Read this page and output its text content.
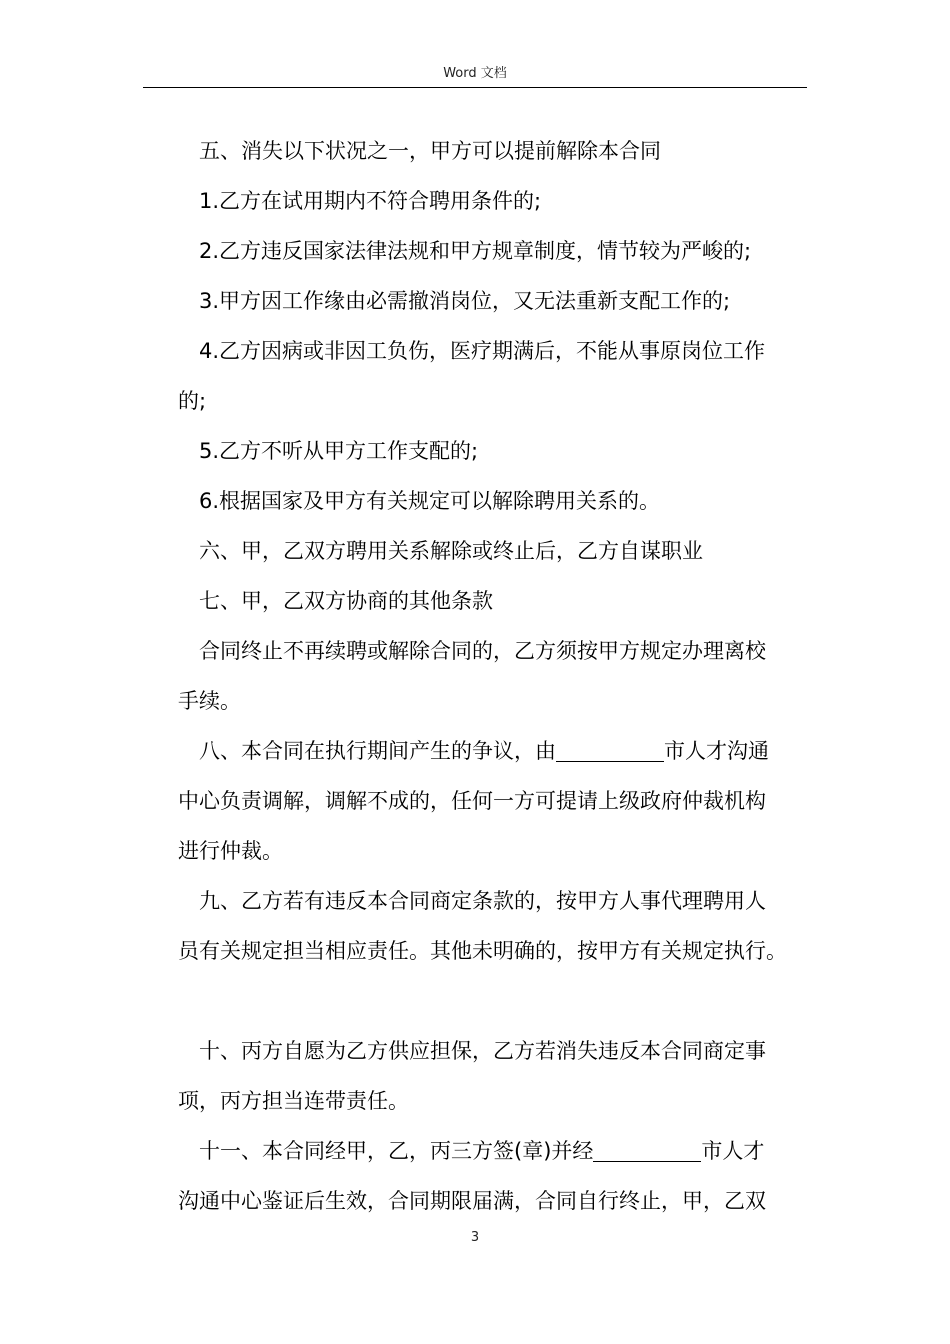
Word 文档
五、消失以下状况之一，甲方可以提前解除本合同
1.乙方在试用期内不符合聘用条件的;
2.乙方违反国家法律法规和甲方规章制度，情节较为严峻的;
3.甲方因工作缘由必需撤消岗位，又无法重新支配工作的;
4.乙方因病或非因工负伤，医疗期满后，不能从事原岗位工作
的;
5.乙方不听从甲方工作支配的;
6.根据国家及甲方有关规定可以解除聘用关系的。
六、甲，乙双方聘用关系解除或终止后，乙方自谋职业
七、甲，乙双方协商的其他条款
合同终止不再续聘或解除合同的，乙方须按甲方规定办理离校
手续。
八、本合同在执行期间产生的争议，由	市人才沟通
中心负责调解，调解不成的，任何一方可提请上级政府仲裁机构
进行仲裁。
九、乙方若有违反本合同商定条款的，按甲方人事代理聘用人
员有关规定担当相应责任。其他未明确的，按甲方有关规定执行。
十、丙方自愿为乙方供应担保，乙方若消失违反本合同商定事
项，丙方担当连带责任。
十一、本合同经甲，乙，丙三方签(章)并经	市人才
沟通中心鉴证后生效，合同期限届满，合同自行终止，甲，乙双
3
